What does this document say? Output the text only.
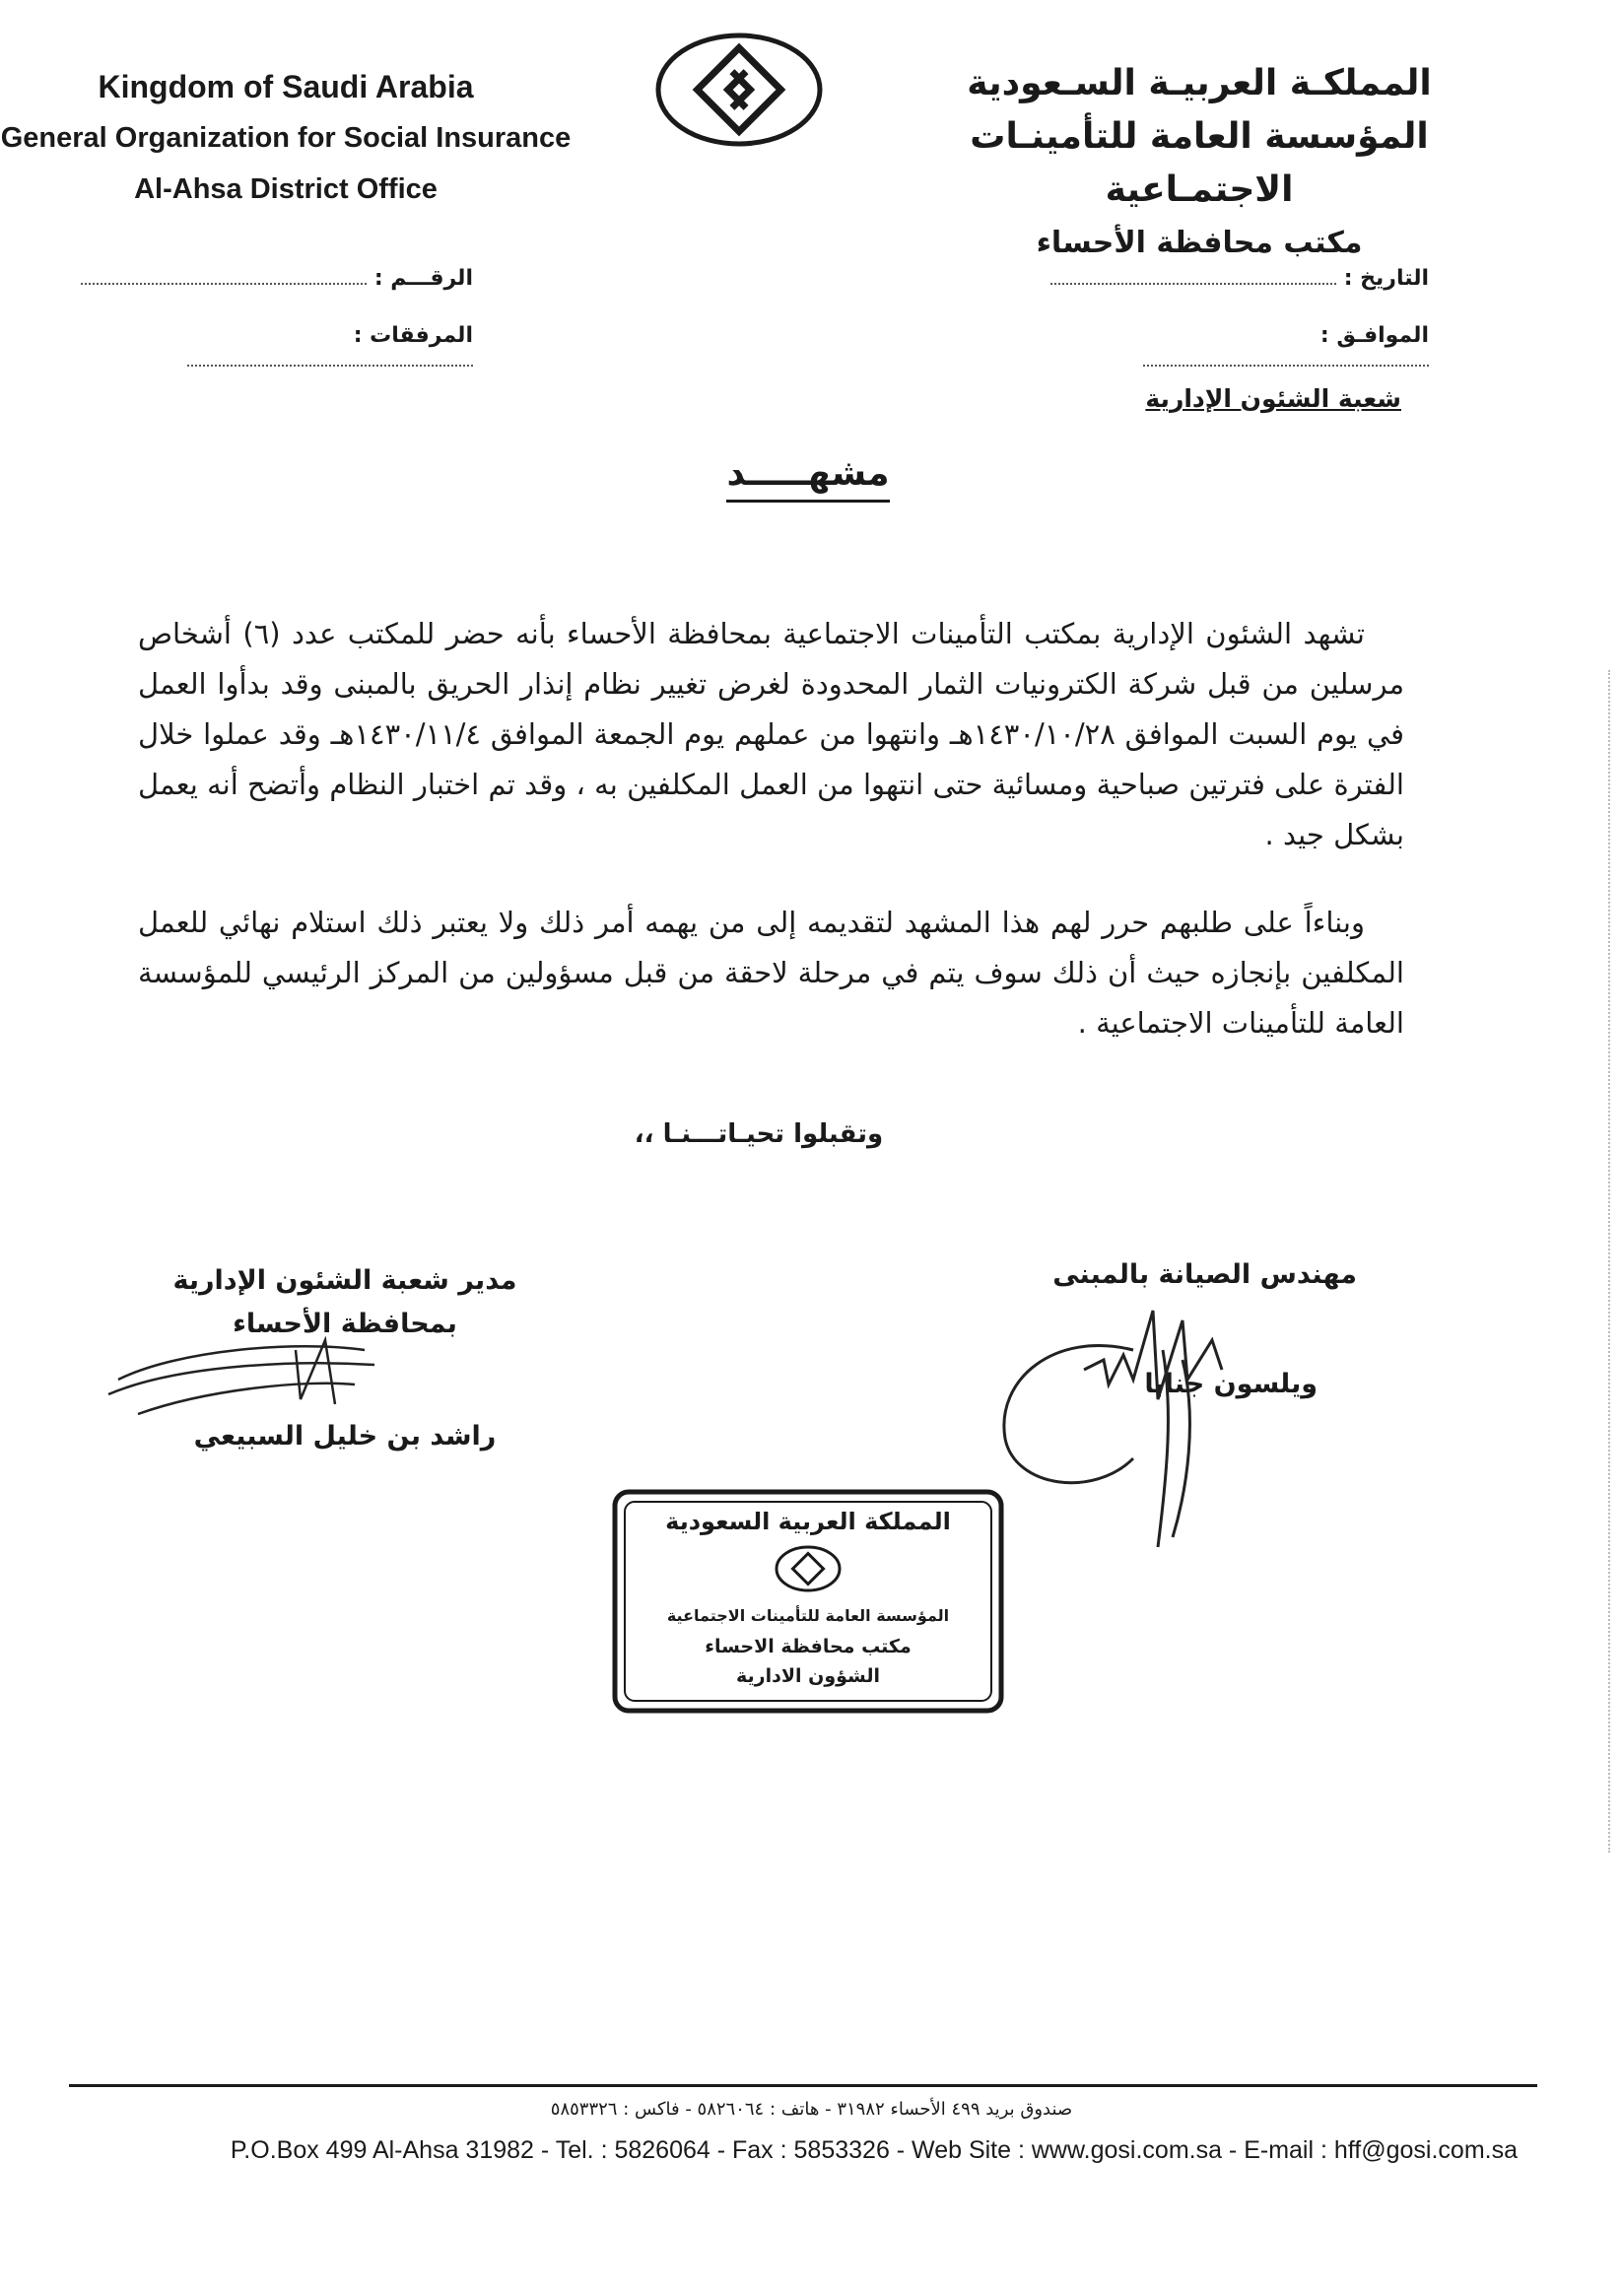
Kingdom of Saudi Arabia
General Organization for Social Insurance
Al-Ahsa District Office
المملكـة العربيـة السـعودية
المؤسسة العامة للتأمينـات الاجتمـاعية
مكتب محافظة الأحساء
الرقـــم :
المرفقات :
التاريخ :
الموافـق :
شعبة الشئون الإدارية
مشهـــــد

تشهد الشئون الإدارية بمكتب التأمينات الاجتماعية بمحافظة الأحساء بأنه حضر للمكتب عدد (٦) أشخاص مرسلين من قبل شركة الكترونيات الثمار المحدودة لغرض تغيير نظام إنذار الحريق بالمبنى وقد بدأوا العمل في يوم السبت الموافق ١٤٣٠/١٠/٢٨هـ وانتهوا من عملهم يوم الجمعة الموافق ١٤٣٠/١١/٤هـ وقد عملوا خلال الفترة على فترتين صباحية ومسائية حتى انتهوا من العمل المكلفين به ، وقد تم اختبار النظام وأتضح أنه يعمل بشكل جيد .

وبناءاً على طلبهم حرر لهم هذا المشهد لتقديمه إلى من يهمه أمر ذلك ولا يعتبر ذلك استلام نهائي للعمل المكلفين بإنجازه حيث أن ذلك سوف يتم في مرحلة لاحقة من قبل مسؤولين من المركز الرئيسي للمؤسسة العامة للتأمينات الاجتماعية .

وتقبلوا تحيـاتـــنـا ،،
مهندس الصيانة بالمبنى
ويلسون جنابا
مدير شعبة الشئون الإدارية
بمحافظة الأحساء
راشد بن خليل السبيعي
المملكة العربية السعودية
المؤسسة العامة للتأمينات الاجتماعية
مكتب محافظة الاحساء
الشؤون الادارية
صندوق بريد ٤٩٩ الأحساء ٣١٩٨٢ - هاتف : ٥٨٢٦٠٦٤ - فاكس : ٥٨٥٣٣٢٦
P.O.Box 499 Al-Ahsa 31982 - Tel. : 5826064 - Fax : 5853326 - Web Site : www.gosi.com.sa - E-mail : hff@gosi.com.sa
